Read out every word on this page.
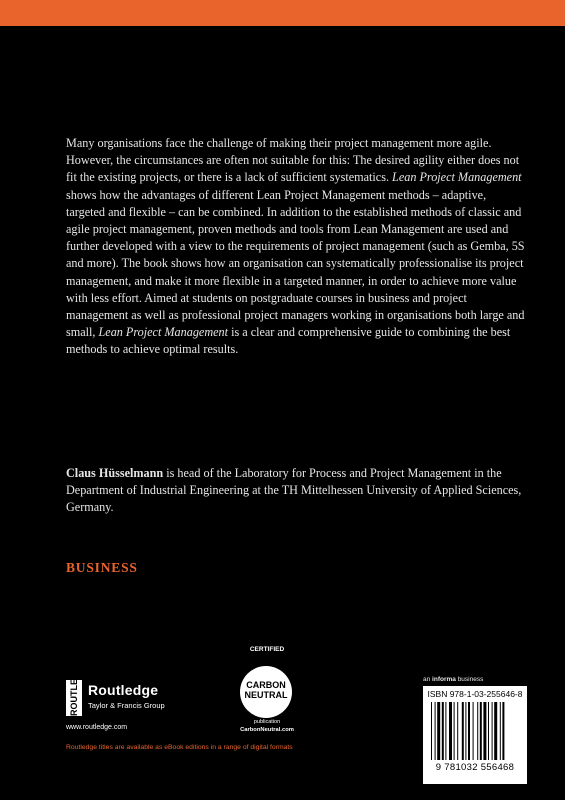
Many organisations face the challenge of making their project management more agile. However, the circumstances are often not suitable for this: The desired agility either does not fit the existing projects, or there is a lack of sufficient systematics. Lean Project Management shows how the advantages of different Lean Project Management methods – adaptive, targeted and flexible – can be combined. In addition to the established methods of classic and agile project management, proven methods and tools from Lean Management are used and further developed with a view to the requirements of project management (such as Gemba, 5S and more). The book shows how an organisation can systematically professionalise its project management, and make it more flexible in a targeted manner, in order to achieve more value with less effort. Aimed at students on postgraduate courses in business and project management as well as professional project managers working in organisations both large and small, Lean Project Management is a clear and comprehensive guide to combining the best methods to achieve optimal results.
Claus Hüsselmann is head of the Laboratory for Process and Project Management in the Department of Industrial Engineering at the TH Mittelhessen University of Applied Sciences, Germany.
BUSINESS
ROUTLEDGE Routledge
Taylor & Francis Group
www.routledge.com
Routledge titles are available as eBook editions in a range of digital formats
CERTIFIED
CARBON
NEUTRAL
publication
CarbonNeutral.com
an informa business
ISBN 978-1-03-255646-8
9 781032 556468
